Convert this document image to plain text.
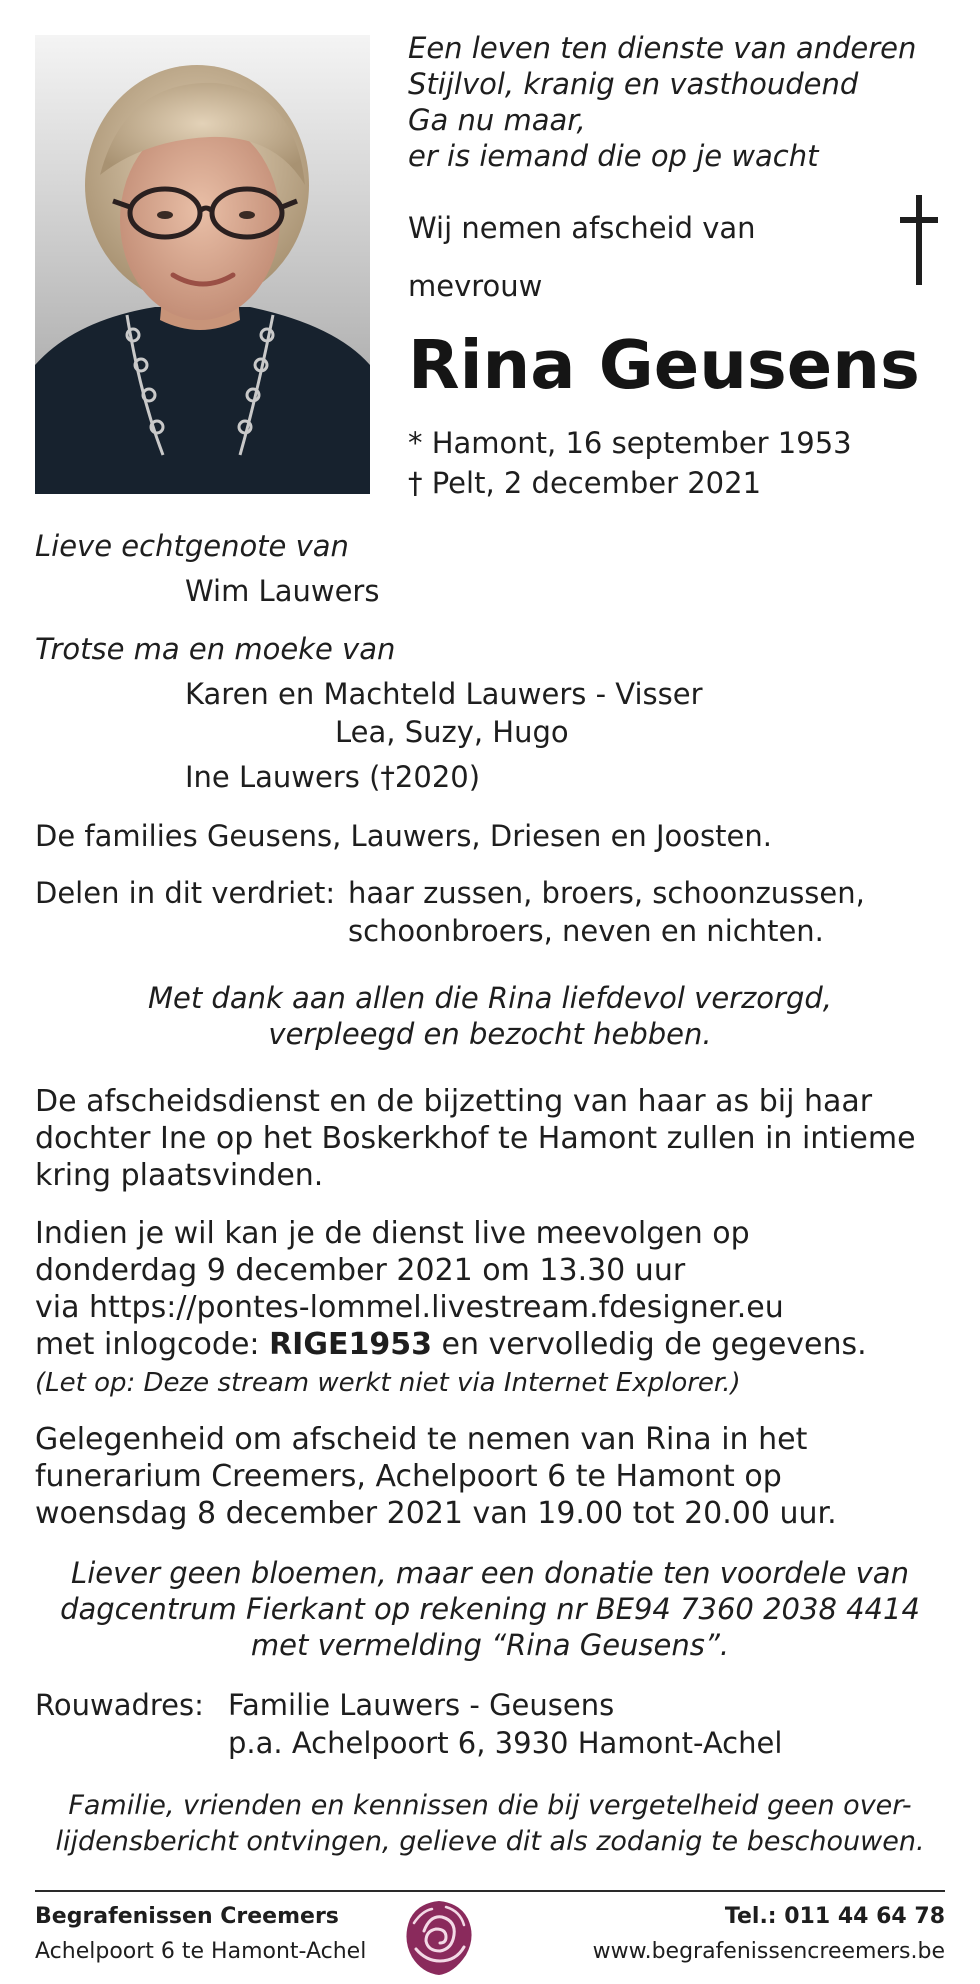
Een leven ten dienste van anderen
Stijlvol, kranig en vasthoudend
Ga nu maar,
er is iemand die op je wacht
Wij nemen afscheid van
mevrouw
Rina Geusens
* Hamont, 16 september 1953
† Pelt, 2 december 2021
Lieve echtgenote van
Wim Lauwers
Trotse ma en moeke van
Karen en Machteld Lauwers - Visser
Lea, Suzy, Hugo
Ine Lauwers (†2020)
De families Geusens, Lauwers, Driesen en Joosten.
Delen in dit verdriet: haar zussen, broers, schoonzussen,
schoonbroers, neven en nichten.
Met dank aan allen die Rina liefdevol verzorgd,
verpleegd en bezocht hebben.
De afscheidsdienst en de bijzetting van haar as bij haar
dochter Ine op het Boskerkhof te Hamont zullen in intieme
kring plaatsvinden.
Indien je wil kan je de dienst live meevolgen op
donderdag 9 december 2021 om 13.30 uur
via https://pontes-lommel.livestream.fdesigner.eu
met inlogcode: RIGE1953 en vervolledig de gegevens.
(Let op: Deze stream werkt niet via Internet Explorer.)
Gelegenheid om afscheid te nemen van Rina in het
funerarium Creemers, Achelpoort 6 te Hamont op
woensdag 8 december 2021 van 19.00 tot 20.00 uur.
Liever geen bloemen, maar een donatie ten voordele van
dagcentrum Fierkant op rekening nr BE94 7360 2038 4414
met vermelding “Rina Geusens”.
Rouwadres: Familie Lauwers - Geusens
p.a. Achelpoort 6, 3930 Hamont-Achel
Familie, vrienden en kennissen die bij vergetelheid geen over-
lijdensbericht ontvingen, gelieve dit als zodanig te beschouwen.
Begrafenissen Creemers
Achelpoort 6 te Hamont-Achel
Tel.: 011 44 64 78
www.begrafenissencreemers.be
